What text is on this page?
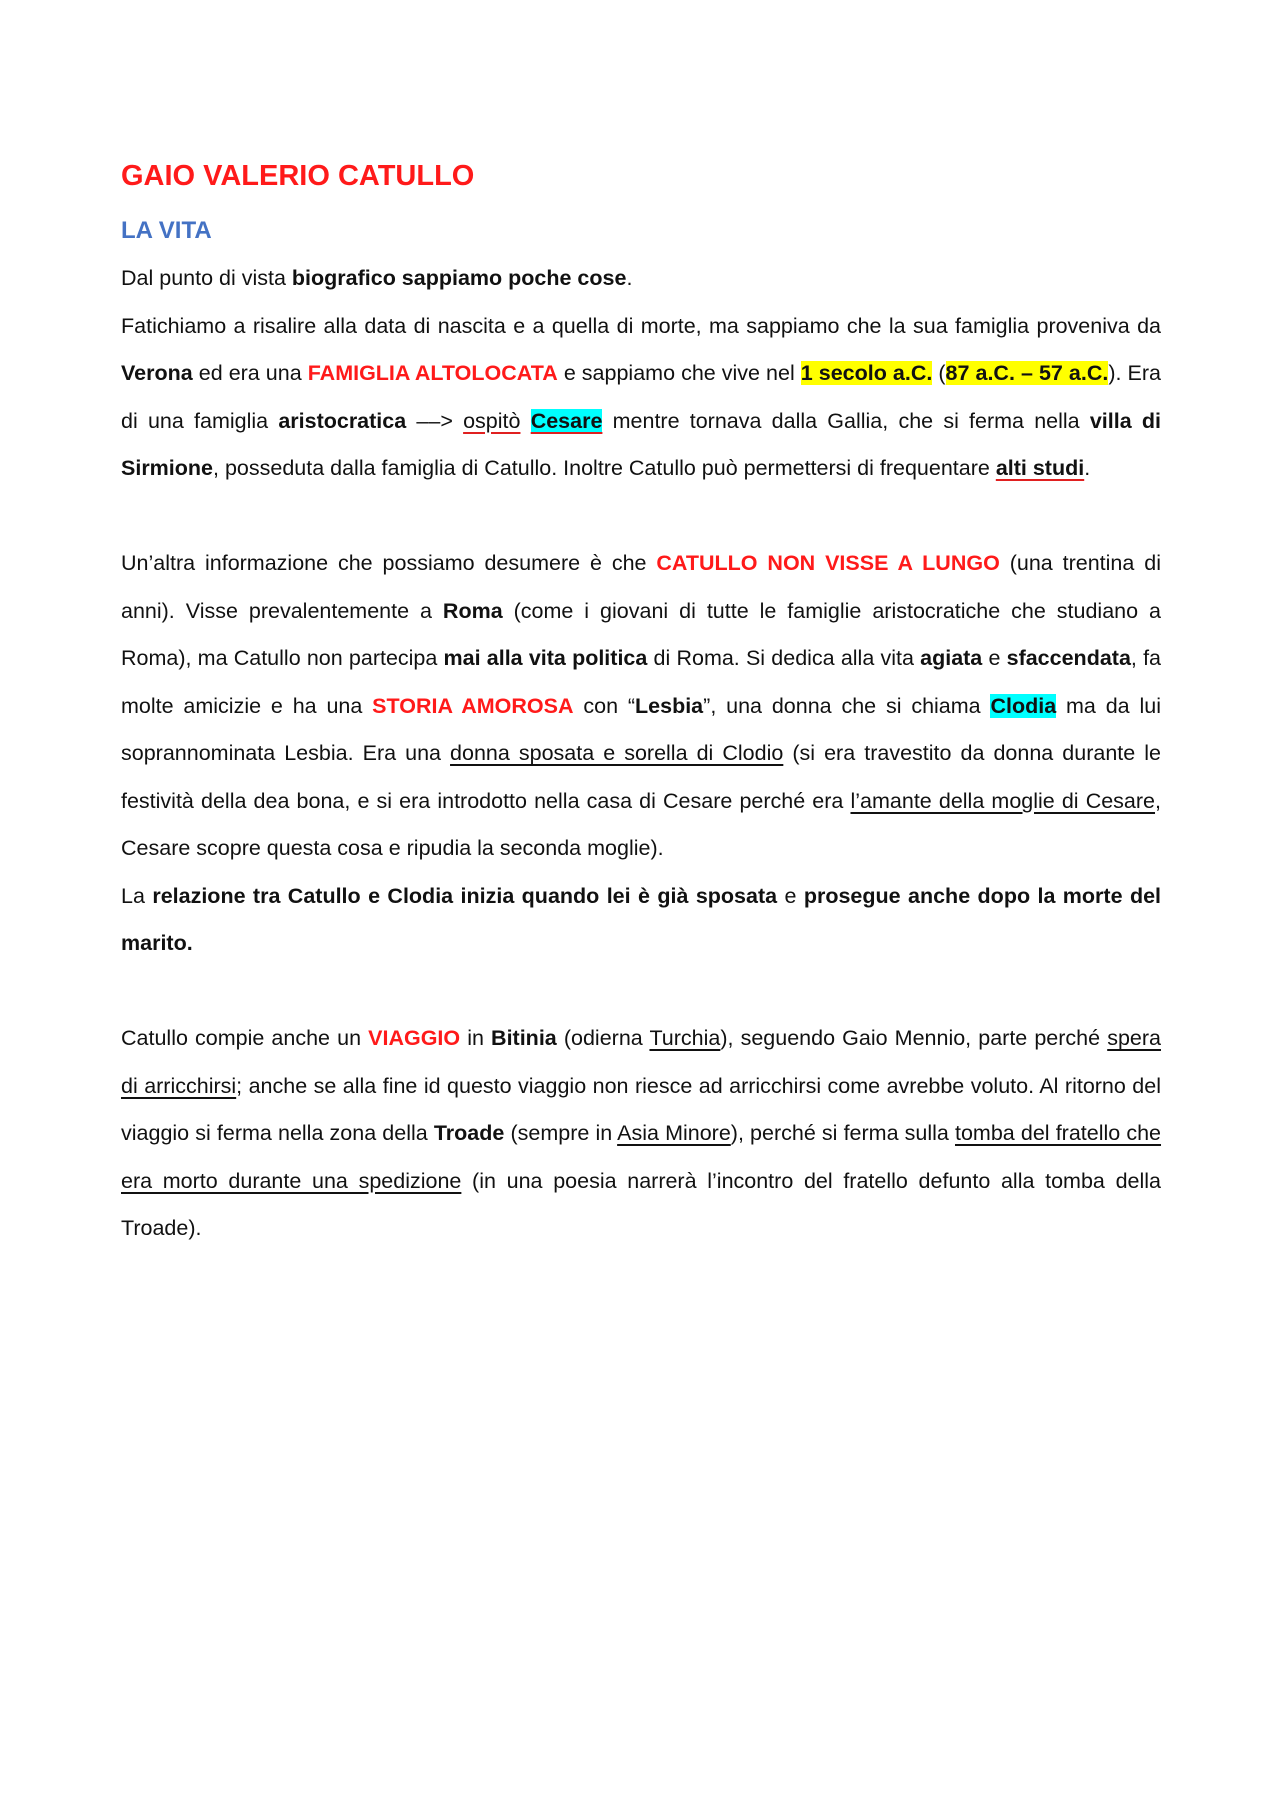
GAIO VALERIO CATULLO
LA VITA

Dal punto di vista biografico sappiamo poche cose.

Fatichiamo a risalire alla data di nascita e a quella di morte, ma sappiamo che la sua famiglia proveniva da Verona ed era una FAMIGLIA ALTOLOCATA e sappiamo che vive nel 1 secolo a.C. (87 a.C. – 57 a.C.). Era di una famiglia aristocratica ––> ospitò Cesare mentre tornava dalla Gallia, che si ferma nella villa di Sirmione, posseduta dalla famiglia di Catullo. Inoltre Catullo può permettersi di frequentare alti studi.

Un’altra informazione che possiamo desumere è che CATULLO NON VISSE A LUNGO (una trentina di anni). Visse prevalentemente a Roma (come i giovani di tutte le famiglie aristocratiche che studiano a Roma), ma Catullo non partecipa mai alla vita politica di Roma. Si dedica alla vita agiata e sfaccendata, fa molte amicizie e ha una STORIA AMOROSA con “Lesbia”, una donna che si chiama Clodia ma da lui soprannominata Lesbia. Era una donna sposata e sorella di Clodio (si era travestito da donna durante le festività della dea bona, e si era introdotto nella casa di Cesare perché era l’amante della moglie di Cesare, Cesare scopre questa cosa e ripudia la seconda moglie).

La relazione tra Catullo e Clodia inizia quando lei è già sposata e prosegue anche dopo la morte del marito.

Catullo compie anche un VIAGGIO in Bitinia (odierna Turchia), seguendo Gaio Mennio, parte perché spera di arricchirsi; anche se alla fine id questo viaggio non riesce ad arricchirsi come avrebbe voluto. Al ritorno del viaggio si ferma nella zona della Troade (sempre in Asia Minore), perché si ferma sulla tomba del fratello che era morto durante una spedizione (in una poesia narrerà l’incontro del fratello defunto alla tomba della Troade).
